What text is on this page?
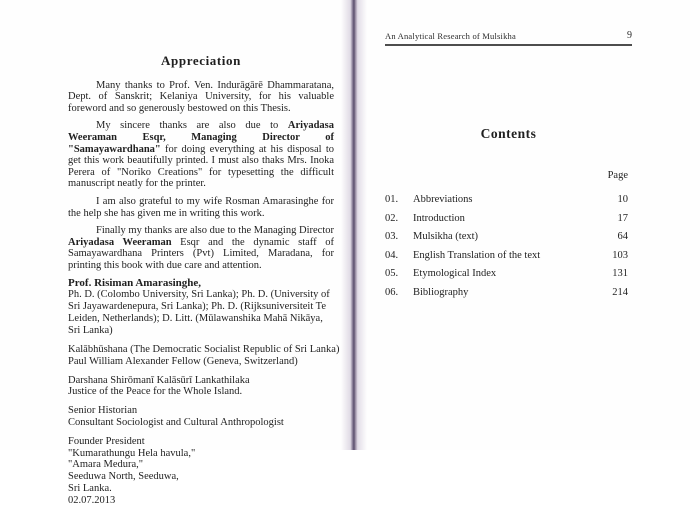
Appreciation

Many thanks to Prof. Ven. Indurāgārē Dhammaratana, Dept. of Sanskrit; Kelaniya University, for his valuable foreword and so generously bestowed on this Thesis.

My sincere thanks are also due to Ariyadasa Weeraman Esqr, Managing Director of "Samayawardhana" for doing everything at his disposal to get this work beautifully printed. I must also thaks Mrs. Inoka Perera of "Noriko Creations" for typesetting the difficult manuscript neatly for the printer.

I am also grateful to my wife Rosman Amarasinghe for the help she has given me in writing this work.

Finally my thanks are also due to the Managing Director Ariyadasa Weeraman Esqr and the dynamic staff of Samayawardhana Printers (Pvt) Limited, Maradana, for printing this book with due care and attention.

Prof. Risiman Amarasinghe,
Ph. D. (Colombo University, Sri Lanka); Ph. D. (University of Sri Jayawardenepura, Sri Lanka); Ph. D. (Rijksuniversiteit Te Leiden, Netherlands); D. Litt. (Mūlawanshika Mahā Nikāya, Sri Lanka)
Kalābhūshana (The Democratic Socialist Republic of Sri Lanka)
Paul William Alexander Fellow (Geneva, Switzerland)
Darshana Shirōmanī Kalāsūrī Lankathilaka
Justice of the Peace for the Whole Island.
Senior Historian
Consultant Sociologist and Cultural Anthropologist
Founder President
"Kumarathungu Hela havula,"
"Amara Medura,"
Seeduwa North, Seeduwa,
Sri Lanka.
02.07.2013
An Analytical Research of Mulsikha	9
Contents
Page
01.	Abbreviations	10
02.	Introduction	17
03.	Mulsikha (text)	64
04.	English Translation of the text	103
05.	Etymological Index	131
06.	Bibliography	214
